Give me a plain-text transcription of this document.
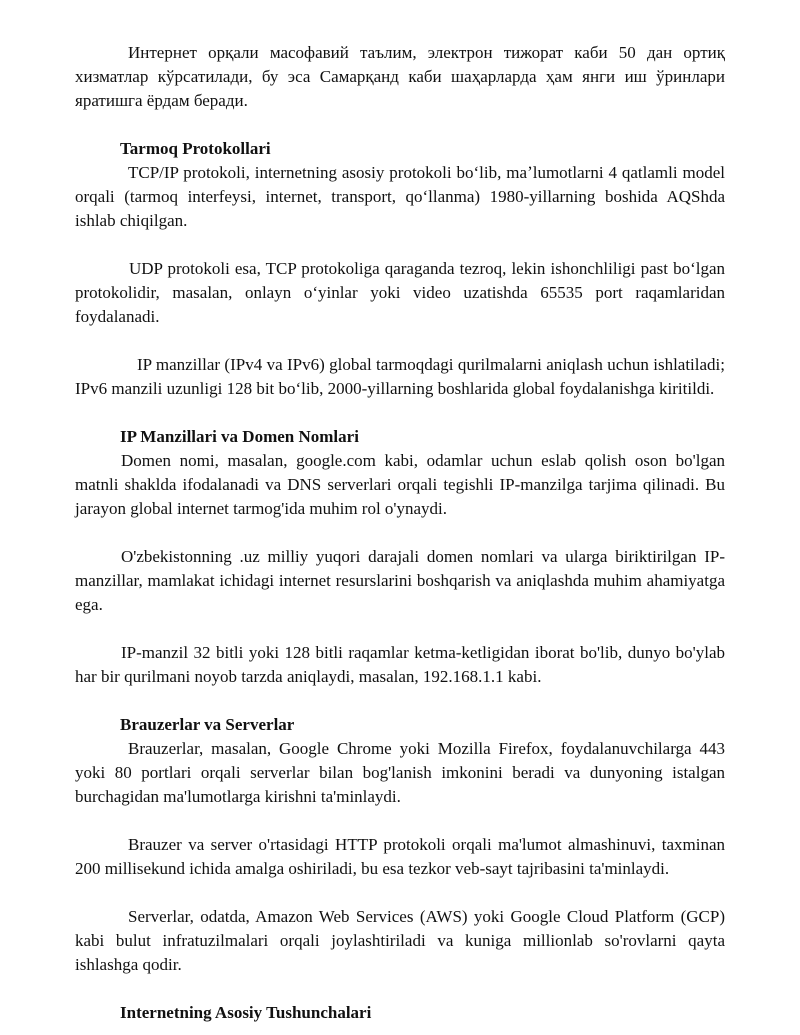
Интернет орқали масофавий таълим, электрон тижорат каби 50 дан ортиқ хизматлар кўрсатилади, бу эса Самарқанд каби шаҳарларда ҳам янги иш ўринлари яратишга ёрдам беради.

Tarmoq Protokollari

TCP/IP protokoli, internetning asosiy protokoli boʻlib, maʼlumotlarni 4 qatlamli model orqali (tarmoq interfeysi, internet, transport, qoʻllanma) 1980-yillarning boshida AQShda ishlab chiqilgan.

UDP protokoli esa, TCP protokoliga qaraganda tezroq, lekin ishonchliligi past boʻlgan protokolidir, masalan, onlayn oʻyinlar yoki video uzatishda 65535 port raqamlaridan foydalanadi.

IP manzillar (IPv4 va IPv6) global tarmoqdagi qurilmalarni aniqlash uchun ishlatiladi; IPv6 manzili uzunligi 128 bit boʻlib, 2000-yillarning boshlarida global foydalanishga kiritildi.

IP Manzillari va Domen Nomlari

Domen nomi, masalan, google.com kabi, odamlar uchun eslab qolish oson bo'lgan matnli shaklda ifodalanadi va DNS serverlari orqali tegishli IP-manzilga tarjima qilinadi. Bu jarayon global internet tarmog'ida muhim rol o'ynaydi.

O'zbekistonning .uz milliy yuqori darajali domen nomlari va ularga biriktirilgan IP-manzillar, mamlakat ichidagi internet resurslarini boshqarish va aniqlashda muhim ahamiyatga ega.

IP-manzil 32 bitli yoki 128 bitli raqamlar ketma-ketligidan iborat bo'lib, dunyo bo'ylab har bir qurilmani noyob tarzda aniqlaydi, masalan, 192.168.1.1 kabi.

Brauzerlar va Serverlar

Brauzerlar, masalan, Google Chrome yoki Mozilla Firefox, foydalanuvchilarga 443 yoki 80 portlari orqali serverlar bilan bog'lanish imkonini beradi va dunyoning istalgan burchagidan ma'lumotlarga kirishni ta'minlaydi.

Brauzer va server o'rtasidagi HTTP protokoli orqali ma'lumot almashinuvi, taxminan 200 millisekund ichida amalga oshiriladi, bu esa tezkor veb-sayt tajribasini ta'minlaydi.

Serverlar, odatda, Amazon Web Services (AWS) yoki Google Cloud Platform (GCP) kabi bulut infratuzilmalari orqali joylashtiriladi va kuniga millionlab so'rovlarni qayta ishlashga qodir.

Internetning Asosiy Tushunchalari
